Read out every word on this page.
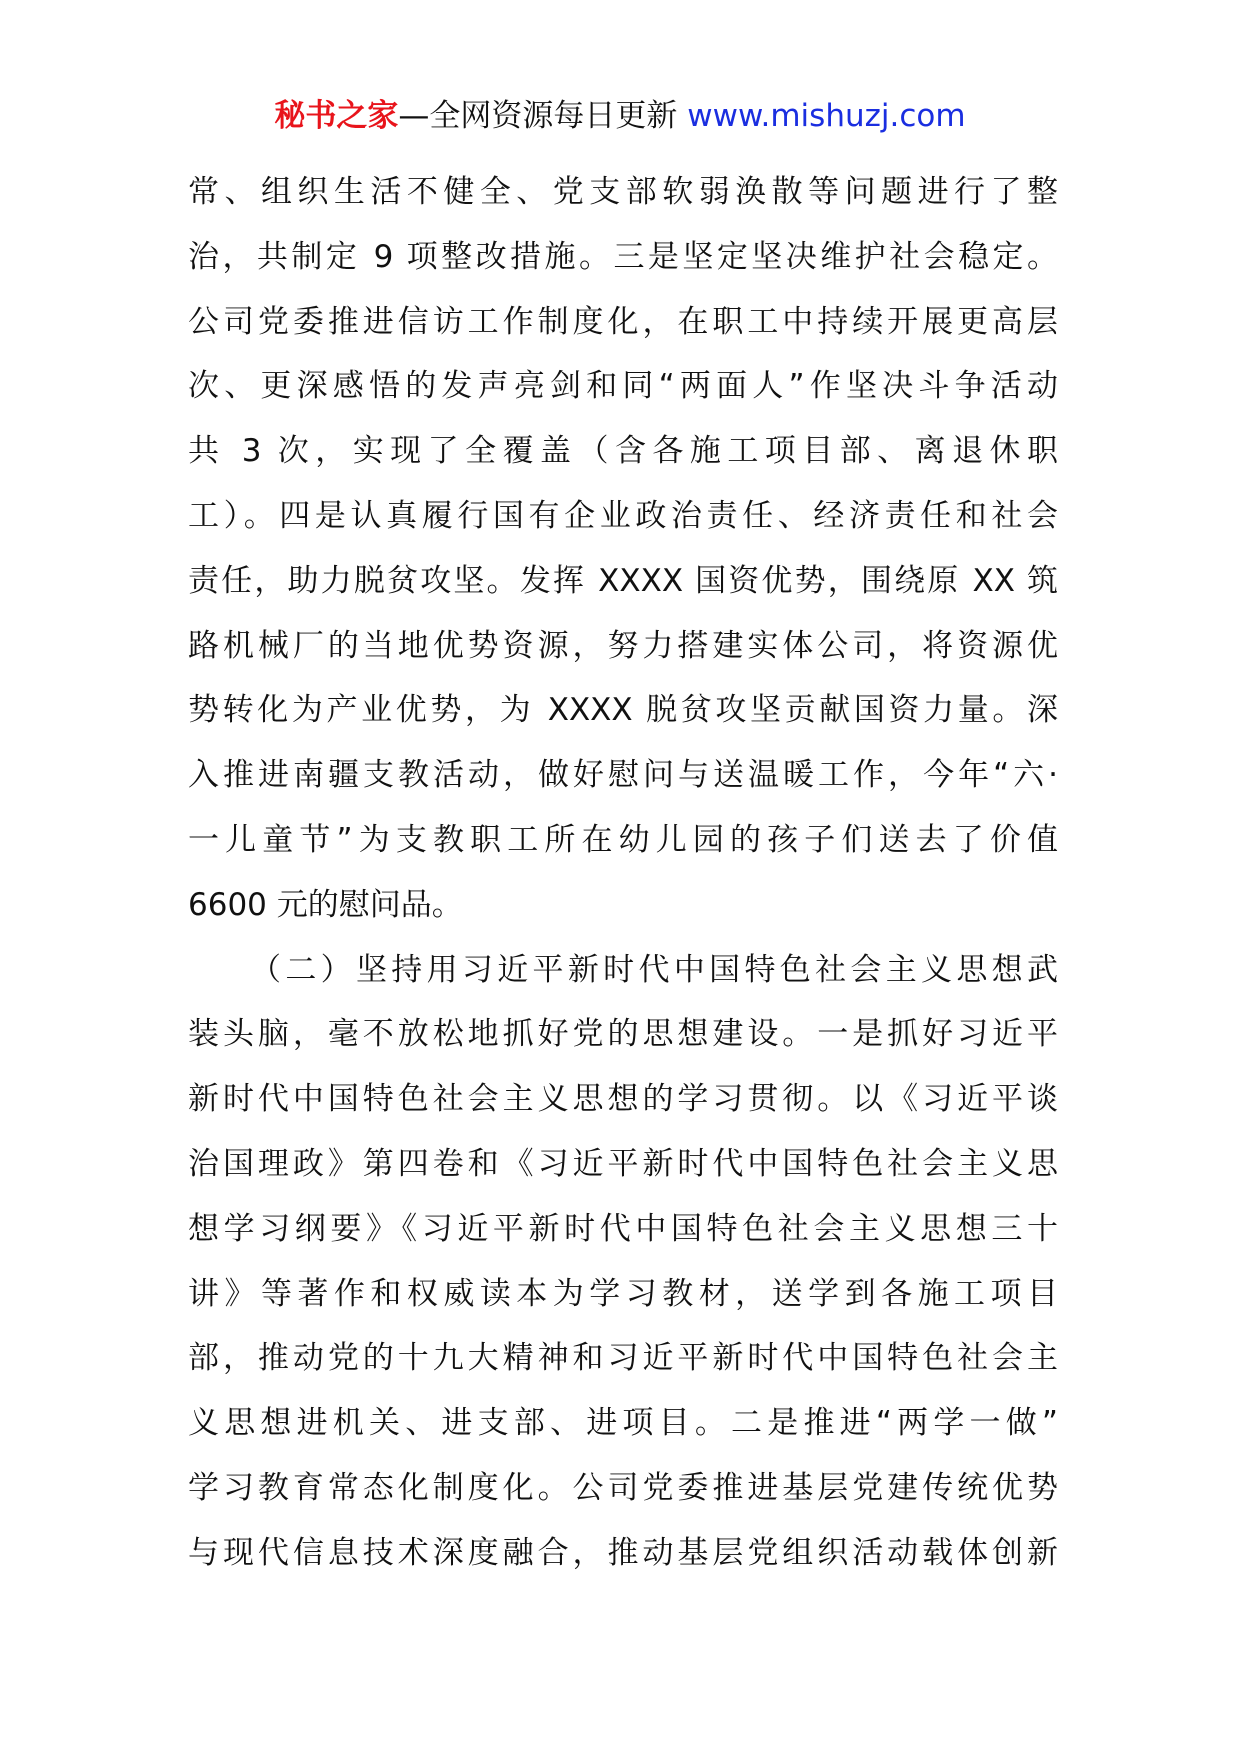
秘书之家—全网资源每日更新 www.mishuzj.com
常、组织生活不健全、党支部软弱涣散等问题进行了整
治，共制定 9 项整改措施。三是坚定坚决维护社会稳定。
公司党委推进信访工作制度化，在职工中持续开展更高层
次、更深感悟的发声亮剑和同“两面人”作坚决斗争活动
共 3 次，实现了全覆盖（含各施工项目部、离退休职
工）。四是认真履行国有企业政治责任、经济责任和社会
责任，助力脱贫攻坚。发挥 XXXX 国资优势，围绕原 XX 筑
路机械厂的当地优势资源，努力搭建实体公司，将资源优
势转化为产业优势，为 XXXX 脱贫攻坚贡献国资力量。深
入推进南疆支教活动，做好慰问与送温暖工作，今年“六·
一儿童节”为支教职工所在幼儿园的孩子们送去了价值
6600 元的慰问品。
（二）坚持用习近平新时代中国特色社会主义思想武
装头脑，毫不放松地抓好党的思想建设。一是抓好习近平
新时代中国特色社会主义思想的学习贯彻。以《习近平谈
治国理政》第四卷和《习近平新时代中国特色社会主义思
想学习纲要》《习近平新时代中国特色社会主义思想三十
讲》等著作和权威读本为学习教材，送学到各施工项目
部，推动党的十九大精神和习近平新时代中国特色社会主
义思想进机关、进支部、进项目。二是推进“两学一做”
学习教育常态化制度化。公司党委推进基层党建传统优势
与现代信息技术深度融合，推动基层党组织活动载体创新
